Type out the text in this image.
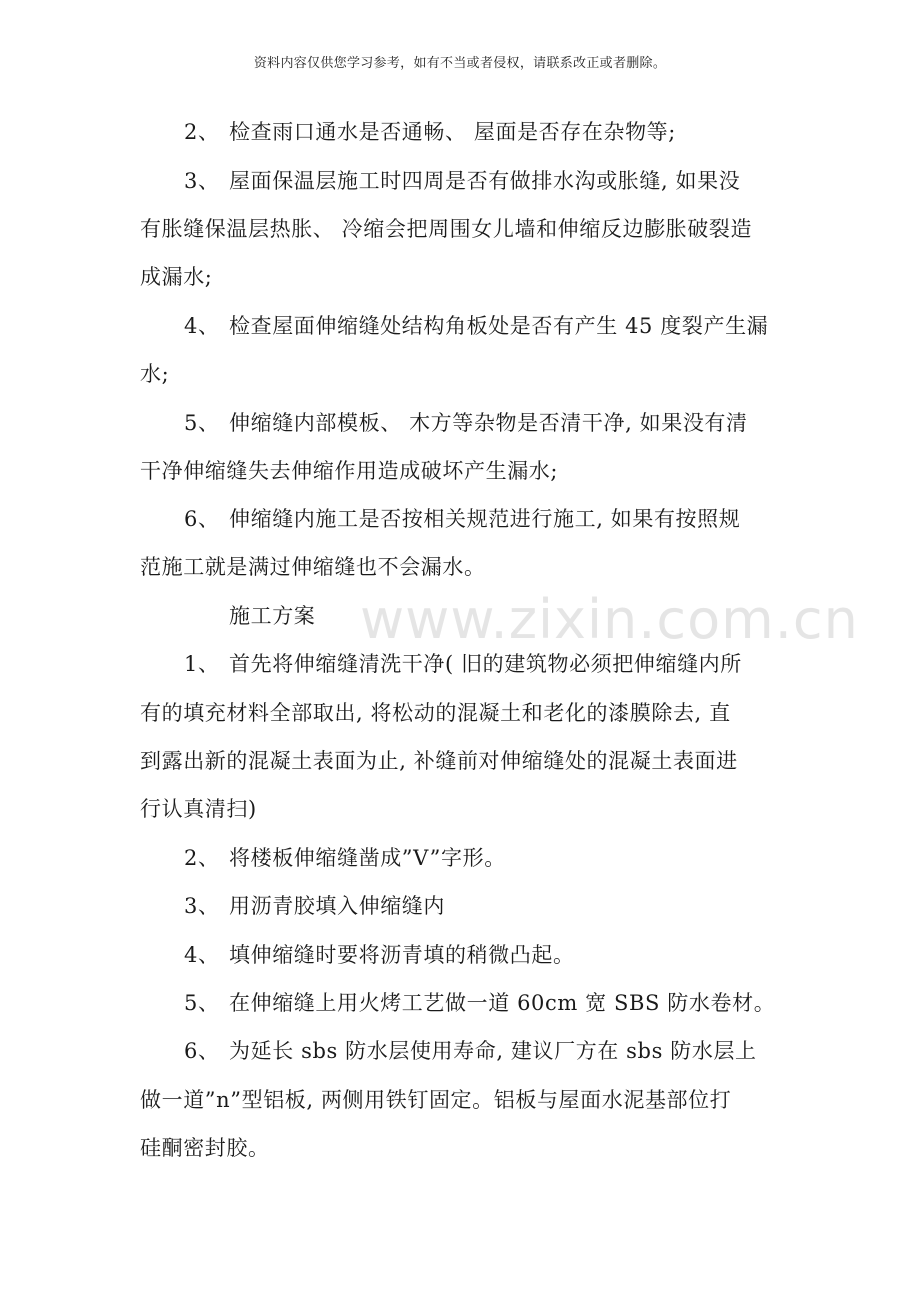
资料内容仅供您学习参考，如有不当或者侵权，请联系改正或者删除。
www.zixin.com.cn
2、 检查雨口通水是否通畅、 屋面是否存在杂物等;
3、 屋面保温层施工时四周是否有做排水沟或胀缝, 如果没
有胀缝保温层热胀、 冷缩会把周围女儿墙和伸缩反边膨胀破裂造
成漏水;
4、 检查屋面伸缩缝处结构角板处是否有产生 45 度裂产生漏
水;
5、 伸缩缝内部模板、 木方等杂物是否清干净, 如果没有清
干净伸缩缝失去伸缩作用造成破坏产生漏水;
6、 伸缩缝内施工是否按相关规范进行施工, 如果有按照规
范施工就是满过伸缩缝也不会漏水。
施工方案
1、 首先将伸缩缝清洗干净( 旧的建筑物必须把伸缩缝内所
有的填充材料全部取出, 将松动的混凝土和老化的漆膜除去, 直
到露出新的混凝土表面为止, 补缝前对伸缩缝处的混凝土表面进
行认真清扫)
2、 将楼板伸缩缝凿成”V”字形。
3、 用沥青胶填入伸缩缝内
4、 填伸缩缝时要将沥青填的稍微凸起。
5、 在伸缩缝上用火烤工艺做一道 60cm 宽 SBS 防水卷材。
6、 为延长 sbs 防水层使用寿命, 建议厂方在 sbs 防水层上
做一道”n”型铝板, 两侧用铁钉固定。铝板与屋面水泥基部位打
硅酮密封胶。
